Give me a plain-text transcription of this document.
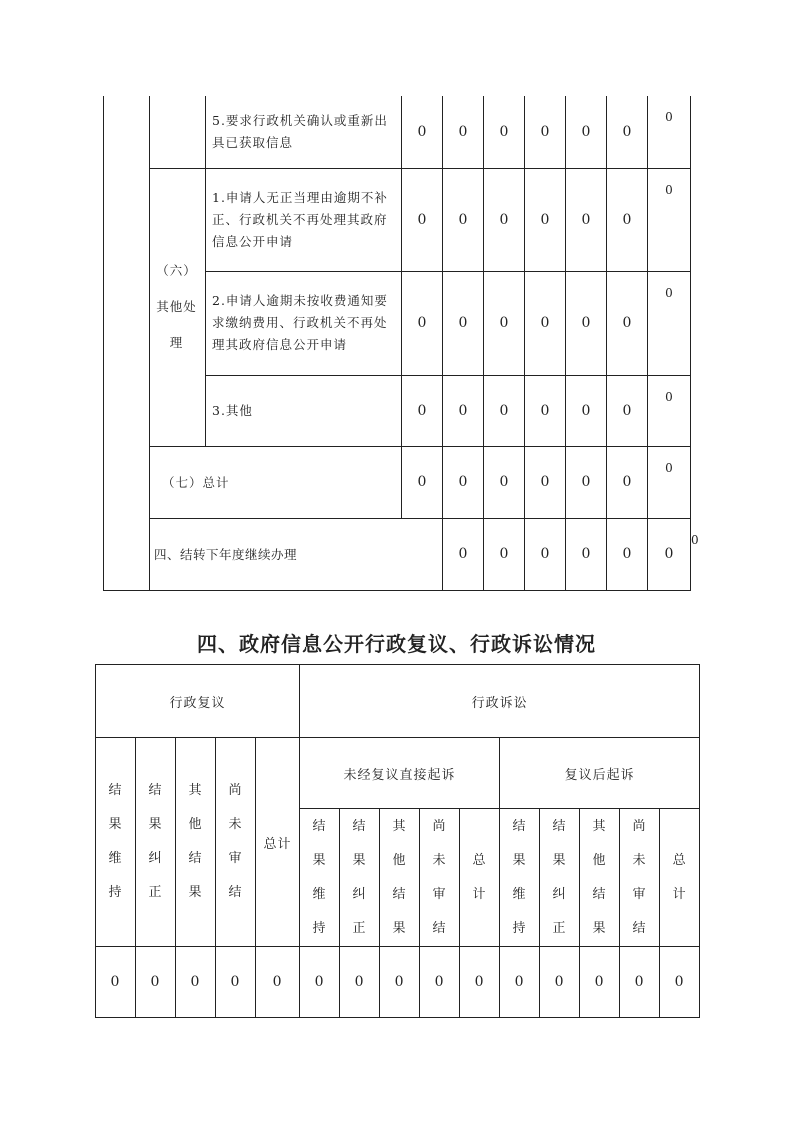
		5.要求行政机关确认或重新出具已获取信息	0	0	0	0	0	0	0	

	（六）其他处理	1.申请人无正当理由逾期不补正、行政机关不再处理其政府信息公开申请	0	0	0	0	0	0	0	

		2.申请人逾期未按收费通知要求缴纳费用、行政机关不再处理其政府信息公开申请	0	0	0	0	0	0	0	

		3.其他	0	0	0	0	0	0	0	

	（七）总计		0	0	0	0	0	0	0	

	四、结转下年度继续办理			0	0	0	0	0	0	0
四、政府信息公开行政复议、行政诉讼情况
行政复议					行政诉讼									

结
果
维
持	结
果
纠
正	其
他
结
果	尚
未
审
结	总计	未经复议直接起诉					复议后起诉				

					结
果
维
持	结
果
纠
正	其
他
结
果	尚
未
审
结	总
计	结
果
维
持	结
果
纠
正	其
他
结
果	尚
未
审
结	总
计

0	0	0	0	0	0	0	0	0	0	0	0	0	0	0
